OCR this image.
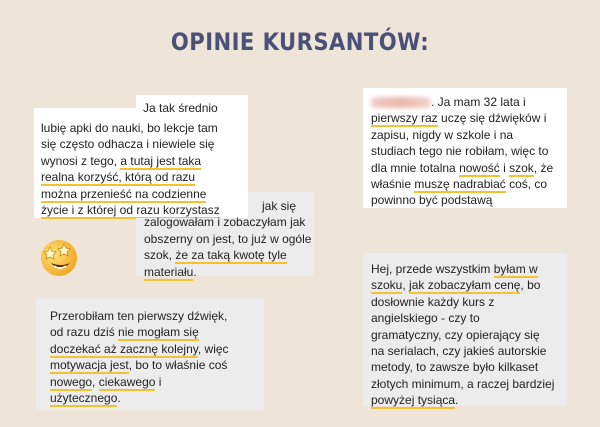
OPINIE KURSANTÓW:

Ja tak średnio

lubię apki do nauki, bo lekcje tam

się często odhacza i niewiele się

wynosi z tego, a tutaj jest taka

realna korzyść, którą od razu

można przenieść na codzienne

życie i z której od razu korzystasz	jak się

zalogowałam i zobaczyłam jak

obszerny on jest, to już w ogóle

szok, że za taką kwotę tyle

materiału.

. Ja mam 32 lata i

pierwszy raz uczę się dźwięków i

zapisu, nigdy w szkole i na

studiach tego nie robiłam, więc to

dla mnie totalna nowość i szok, że

właśnie muszę nadrabiać coś, co

powinno być podstawą

Przerobiłam ten pierwszy dźwięk,

od razu dziś nie mogłam się

doczekać aż zacznę kolejny, więc

motywacja jest, bo to właśnie coś

nowego, ciekawego i

użytecznego.

Hej, przede wszystkim byłam w

szoku, jak zobaczyłam cenę, bo

dosłownie każdy kurs z

angielskiego - czy to

gramatyczny, czy opierający się

na serialach, czy jakieś autorskie

metody, to zawsze było kilkaset

złotych minimum, a raczej bardziej

powyżej tysiąca.
